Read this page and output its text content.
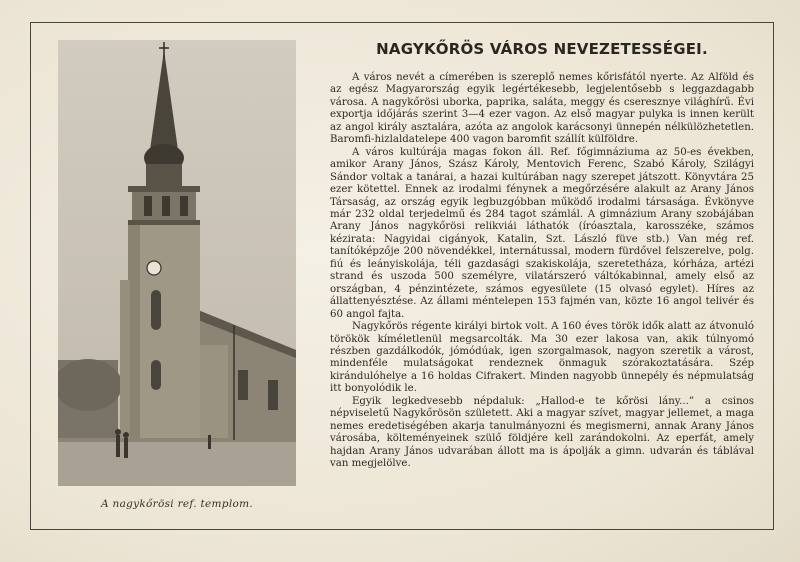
A nagykőrösi ref. templom.
NAGYKŐRÖS VÁROS NEVEZETESSÉGEI.

A város nevét a címerében is szereplő nemes kőrisfától nyerte. Az Alföld és az egész Magyarország egyik legértékesebb, legjelentősebb s leggazdagabb városa. A nagykőrösi uborka, paprika, saláta, meggy és cseresznye világhírű. Évi exportja időjárás szerint 3—4 ezer vagon. Az első magyar pulyka is innen került az angol király asztalára, azóta az angolok karácsonyi ünnepén nélkülözhetetlen. Baromfi-hizlaldatelepe 400 vagon baromfit szállít külföldre.

A város kultúrája magas fokon áll. Ref. főgimnáziuma az 50-es években, amikor Arany János, Szász Károly, Mentovich Ferenc, Szabó Károly, Szilágyi Sándor voltak a tanárai, a hazai kultúrában nagy szerepet játszott. Könyvtára 25 ezer kötettel. Ennek az irodalmi fénynek a megőrzésére alakult az Arany János Társaság, az ország egyik legbuzgóbban működő irodalmi társasága. Évkönyve már 232 oldal terjedelmű és 284 tagot számlál. A gimnázium Arany szobájában Arany János nagykőrösi relikviái láthatók (íróasztala, karosszéke, számos kézirata: Nagyidai cigányok, Katalin, Szt. László füve stb.) Van még ref. tanítóképzője 200 növendékkel, internátussal, modern fürdővel felszerelve, polg. fiú és leányiskolája, téli gazdasági szakiskolája, szeretetháza, kórháza, artézi strand és uszoda 500 személyre, vilatárszeró váltókabinnal, amely első az országban, 4 pénzintézete, számos egyesülete (15 olvasó egylet). Híres az állattenyésztése. Az állami méntelepen 153 fajmén van, közte 16 angol telivér és 60 angol fajta.

Nagykőrös régente királyi birtok volt. A 160 éves török idők alatt az átvonuló törökök kíméletlenül megsarcolták. Ma 30 ezer lakosa van, akik túlnyomó részben gazdálkodók, jómódúak, igen szorgalmasok, nagyon szeretik a várost, mindenféle mulatságokat rendeznek önmaguk szórakoztatására. Szép kirándulóhelye a 16 holdas Cifrakert. Minden nagyobb ünnepély és népmulatság itt bonyolódik le.

Egyik legkedvesebb népdaluk: „Hallod-e te kőrösi lány...” a csinos népviseletű Nagykőrösön született. Aki a magyar szívet, magyar jellemet, a maga nemes eredetiségében akarja tanulmányozni és megismerni, annak Arany János városába, költeményeinek szülő földjére kell zarándokolni. Az eperfát, amely hajdan Arany János udvarában állott ma is ápolják a gimn. udvarán és táblával van megjelölve.
